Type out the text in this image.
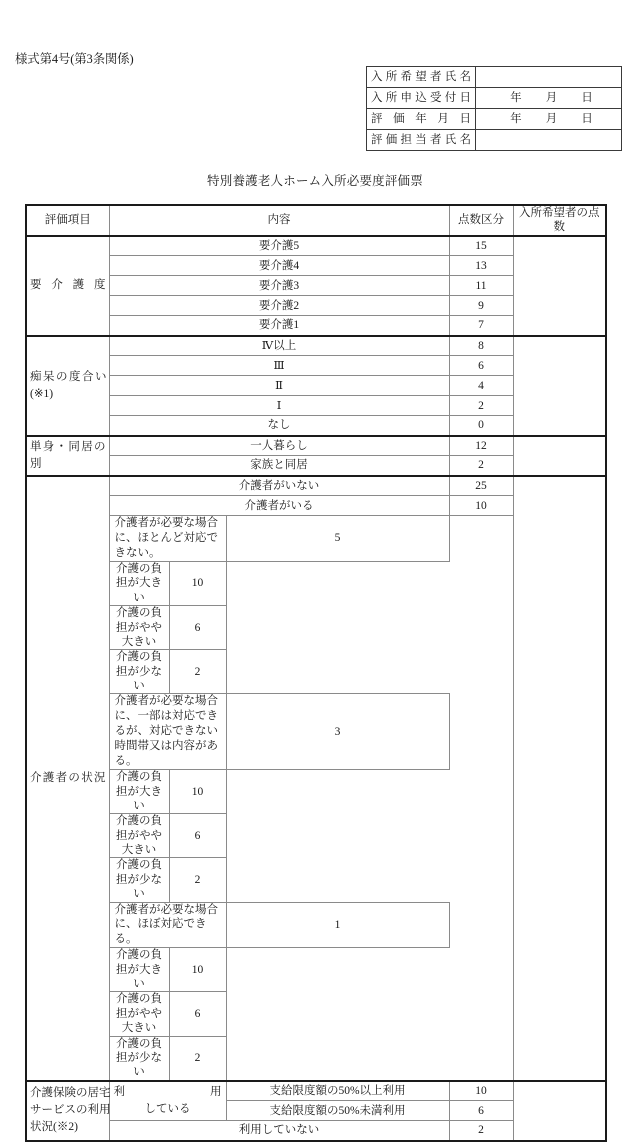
様式第4号(第3条関係)
入所希望者氏名	
入所申込受付日	年 月 日

評 価 年 月 日	年 月 日

評価担当者氏名	
特別養護老人ホーム入所必要度評価票
評価項目	内容			点数区分	入所希望者の点数

要介護度	要介護5			15	
	要介護4			13	
	要介護3			11	
	要介護2			9	
	要介護1			7	

痴呆の度合い
(※1)	Ⅳ以上			8	
	Ⅲ			6	
	Ⅱ			4	
	Ⅰ			2	
	なし			0	

単身・同居の別	一人暮らし			12	
	家族と同居			2	

介護者の状況	介護者がいない			25	
	介護者がいる			10	
	介護者が必要な場合に、ほとんど対応できない。		5		
	介護の負担が大きい	10			
	介護の負担がやや大きい	6			
	介護の負担が少ない	2			
	介護者が必要な場合に、一部は対応できるが、対応できない時間帯又は内容がある。		3		
	介護の負担が大きい	10			
	介護の負担がやや大きい	6			
	介護の負担が少ない	2			
	介護者が必要な場合に、ほぼ対応できる。		1		
	介護の負担が大きい	10			
	介護の負担がやや大きい	6			
	介護の負担が少ない	2			

介護保険の居宅
サービスの利用
状況(※2)	利用
している		支給限度額の50%以上利用	10	
			支給限度額の50%未満利用	6	
	利用していない			2	
